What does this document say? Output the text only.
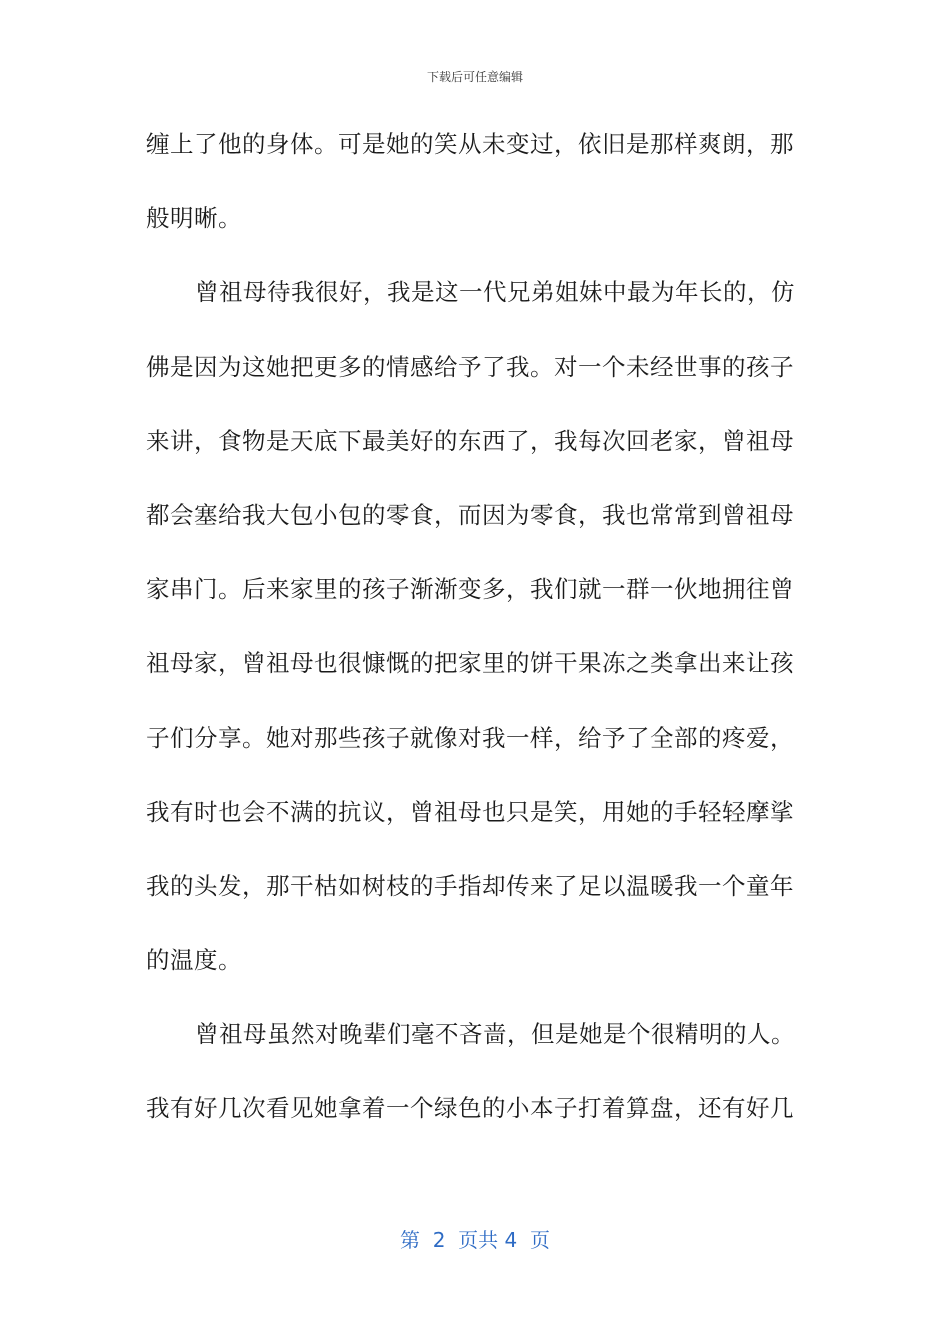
下载后可任意编辑
缠上了他的身体。可是她的笑从未变过，依旧是那样爽朗，那
般明晰。
曾祖母待我很好，我是这一代兄弟姐妹中最为年长的，仿
佛是因为这她把更多的情感给予了我。对一个未经世事的孩子
来讲，食物是天底下最美好的东西了，我每次回老家，曾祖母
都会塞给我大包小包的零食，而因为零食，我也常常到曾祖母
家串门。后来家里的孩子渐渐变多，我们就一群一伙地拥往曾
祖母家，曾祖母也很慷慨的把家里的饼干果冻之类拿出来让孩
子们分享。她对那些孩子就像对我一样，给予了全部的疼爱，
我有时也会不满的抗议，曾祖母也只是笑，用她的手轻轻摩挲
我的头发，那干枯如树枝的手指却传来了足以温暖我一个童年
的温度。
曾祖母虽然对晚辈们毫不吝啬，但是她是个很精明的人。
我有好几次看见她拿着一个绿色的小本子打着算盘，还有好几
第  2  页共 4  页
